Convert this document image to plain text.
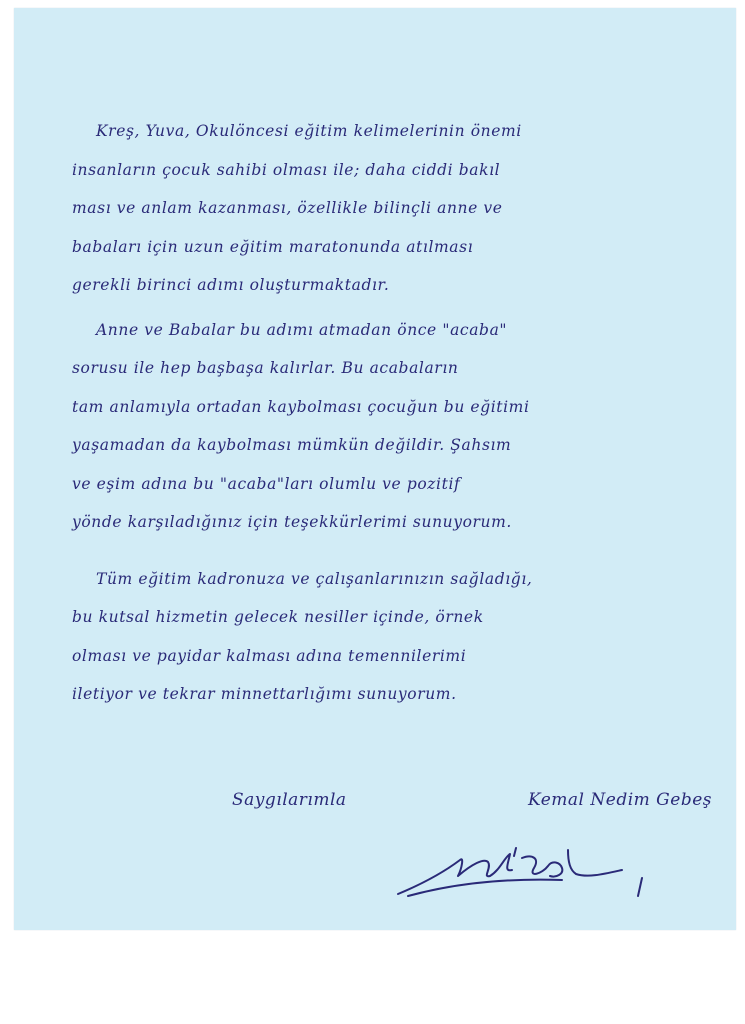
Kreş, Yuva, Okulöncesi eğitim kelimelerinin önemi
insanların çocuk sahibi olması ile; daha ciddi bakıl
ması ve anlam kazanması, özellikle bilinçli anne ve
babaları için uzun eğitim maratonunda atılması
gerekli birinci adımı oluşturmaktadır.

Anne ve Babalar bu adımı atmadan önce "acaba"
sorusu ile hep başbaşa kalırlar. Bu acabaların
tam anlamıyla ortadan kaybolması çocuğun bu eğitimi
yaşamadan da kaybolması mümkün değildir. Şahsım
ve eşim adına bu "acaba"ları olumlu ve pozitif
yönde karşıladığınız için teşekkürlerimi sunuyorum.

Tüm eğitim kadronuza ve çalışanlarınızın sağladığı,
bu kutsal hizmetin gelecek nesiller içinde, örnek
olması ve payidar kalması adına temennilerimi
iletiyor ve tekrar minnettarlığımı sunuyorum.

Saygılarımla	Kemal Nedim Gebeş
